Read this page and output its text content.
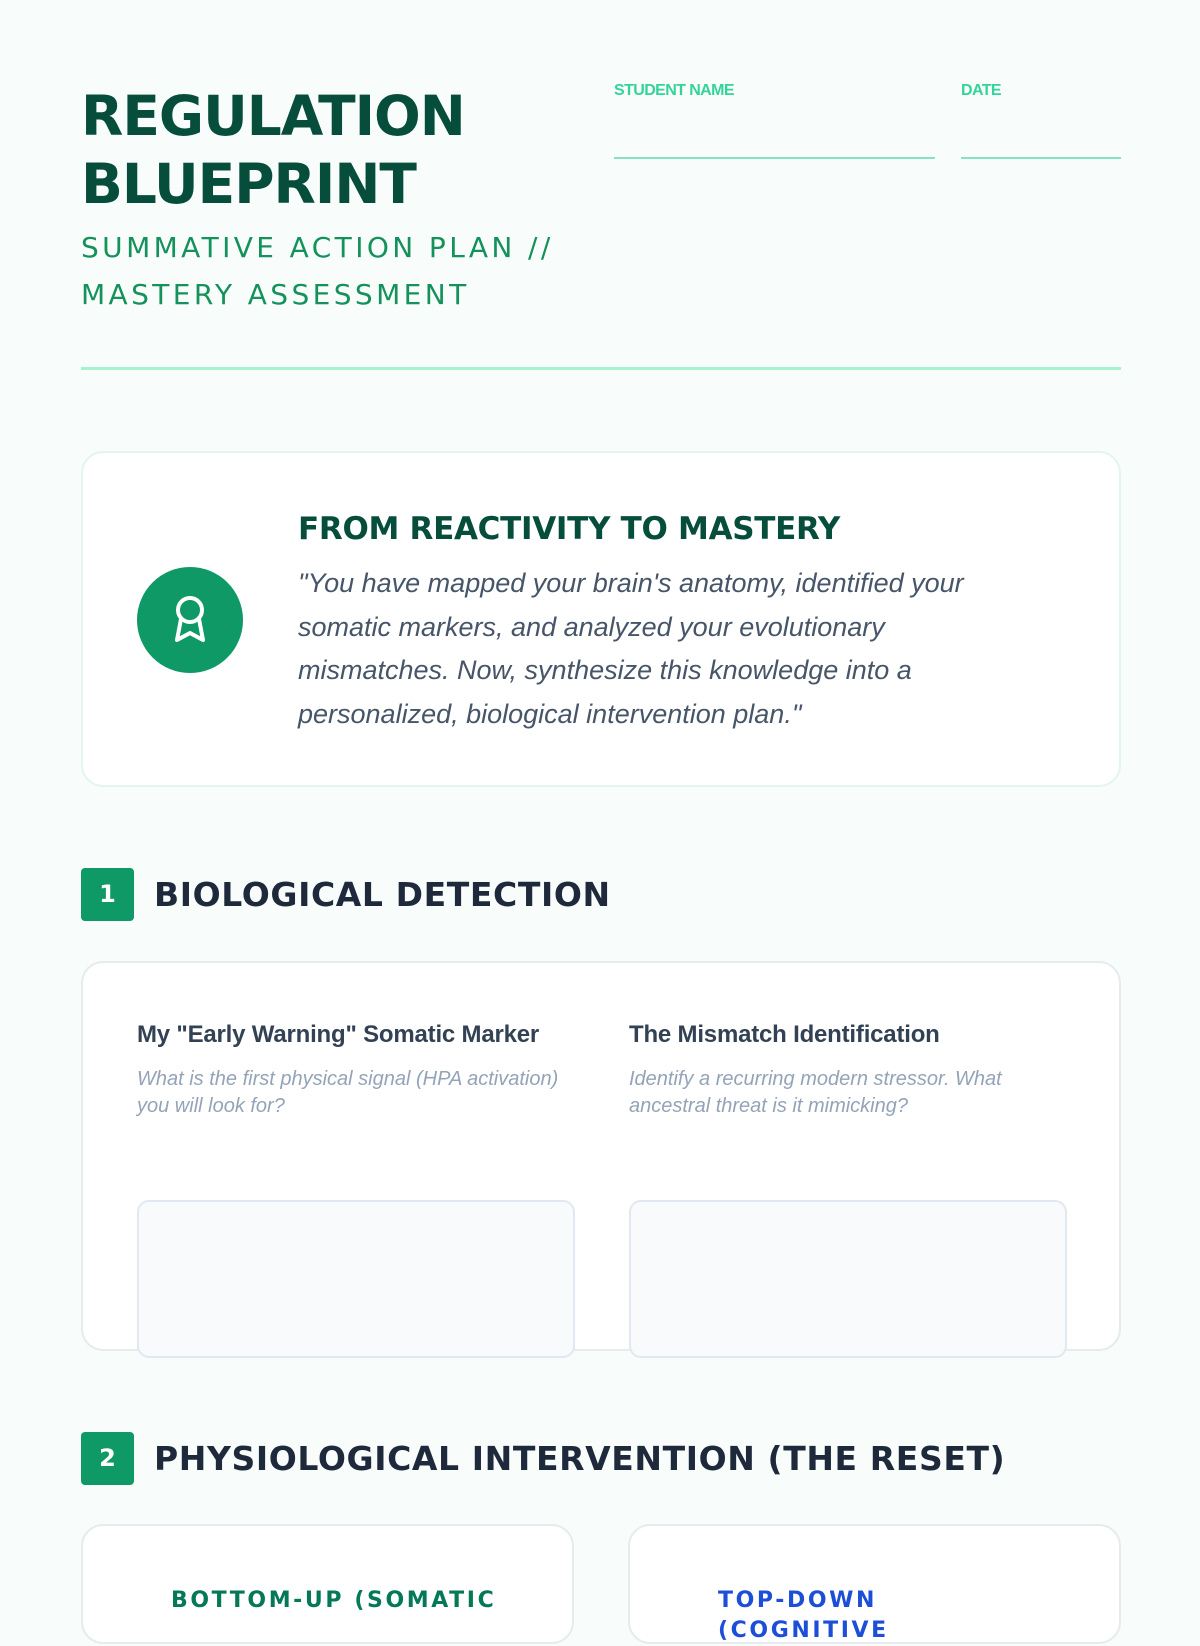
REGULATION
BLUEPRINT
SUMMATIVE ACTION PLAN //
MASTERY ASSESSMENT
STUDENT NAME	DATE
FROM REACTIVITY TO MASTERY
"You have mapped your brain's anatomy, identified your somatic markers, and analyzed your evolutionary mismatches. Now, synthesize this knowledge into a personalized, biological intervention plan."
1	BIOLOGICAL DETECTION
My "Early Warning" Somatic Marker
What is the first physical signal (HPA activation) you will look for?
The Mismatch Identification
Identify a recurring modern stressor. What ancestral threat is it mimicking?
2	PHYSIOLOGICAL INTERVENTION (THE RESET)
BOTTOM-UP (SOMATIC	TOP-DOWN (COGNITIVE
